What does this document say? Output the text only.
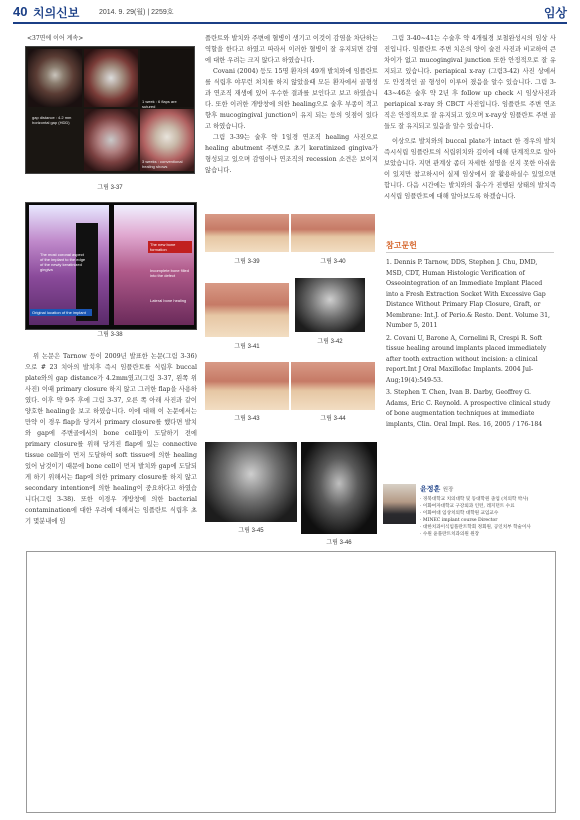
40 치의신보	2014. 9. 29(월) | 2259호	임상
<37면에 이어 계속>
gap distance : 4.2 mm horizontal gap (HDD)
1 week : 6 flaps are sutured
3 weeks : conventional healing shows
그림 3-37
The most coronal aspect of the implant to the edge of the newly keratinized gingiva
The new bone formation
Incomplete bone filled into the defect
Original location of the implant
Lateral bone healing
그림 3-38
위 논문은 Tarnow 등이 2009년 발표한 논문(그림 3-36)으로 # 23 치아의 발치후 즉시 임플란트를 식립후 buccal plate와의 gap distance가 4.2mm였고(그림 3-37, 왼쪽 위 사진) 이때 primary closure 하지 않고 그러한 flap을 사용하였다. 이후 약 9주 후에 그림 3-37, 오른 쪽 아래 사진과 같이 양호한 healing을 보고 하였습니다. 이에 대해 이 논문에서는 만약 이 경우 flap을 당겨서 primary closure를 했다면 발치와 gap에 주변골에서의 bone cell들이 도달하기 전에 primary closure를 위해 당겨진 flap에 있는 connective tissue cell들이 먼저 도달하여 soft tissue에 의한 healing 있어 남것이기 때문에 bone cell이 먼저 발치와 gap에 도달되게 하기 위해서는 flap에 의한 primary closure를 하지 않고 secondary intention에 의한 healing이 중요하다고 하였습니다(그림 3-38). 또한 이경우 개방창에 의한 bacterial contamination에 대한 우려에 대해서는 임플란트 식립후 초기 몇분내에 임
플란트와 발치와 주변에 혈병이 생기고 이것이 감염을 차단하는 역할을 한다고 하였고 따라서 이러한 혈병이 잘 유지되면 감염에 대한 우려는 크지 않다고 하였습니다.
Covani (2004) 등도 15명 환자의 49개 발치와에 임플란트를 식립후 야무런 처치를 하지 않았을때 모든 환자에서 골형성과 연조직 재생에 있어 우수한 결과를 보인다고 보고 하였습니다. 또한 이러한 개방창에 의한 healing으로 술후 부종이 적고 향후 mucogingival junction이 유지 되는 등의 잇점이 있다고 하였습니다.
그림 3-39는 술후 약 1일경 연조직 healing 사진으로 healing abutment 주변으로 초기 keratinized gingiva가 형성되고 있으며 감염이나 연조직의 recession 소견은 보이지 않습니다.
그림 3-39	그림 3-40
그림 3-41
그림 3-42
그림 3-43	그림 3-44
그림 3-45
그림 3-46
그림 3-40~41는 수술후 약 4개월경 보철완성시의 임상 사진입니다. 임플란트 주변 치은의 양이 술전 사진과 비교하여 큰 차이가 없고 mucogingival junction 또한 안정적으로 잘 유지되고 있습니다. periapical x-ray (그림3-42) 사진 상에서도 안정적인 골 형성이 이루어 졌음을 알수 있습니다. 그림 3-43~46은 술후 약 2년 후 follow up check 시 임상사진과 periapical x-ray 와 CBCT 사진입니다. 임플란트 주변 연조직은 안정적으로 잘 유지되고 있으며 x-ray상 임플란트 주변 골들도 잘 유지되고 있음을 알수 있습니다.
이상으로 발치와의 buccal plate가 intact 한 경우의 발치즉시식립 임플란트의 식립위치와 깊이에 대해 단계적으로 알아 보았습니다. 지면 관계상 좀더 자세한 설명을 싣지 못한 아쉬움이 있지만 참고하시어 실제 임상에서 잘 활용하실수 있었으면 합니다. 다음 시간에는 발치와의 흡수가 진행된 상태의 발치즉시식립 임플란트에 대해 알아보도록 하겠습니다.
참고문헌
1. Dennis P. Tarnow, DDS, Stephen J. Chu, DMD, MSD, CDT, Human Histologic Verification of Osseointegration of an Immediate Implant Placed into a Fresh Extraction Socket With Excessive Gap Distance Without Primary Flap Closure, Graft, or Membrane: Int.J. of Perio.& Resto. Dent. Volume 31, Number 5, 2011
2. Covani U, Barone A, Cornelini R, Crespi R. Soft tissue healing around implants placed immediately after tooth extraction without incision: a clinical report.Int J Oral Maxillofac Implants. 2004 Jul-Aug;19(4):549-53.
3. Stephen T. Chen, Ivan B. Darby, Geoffrey G. Adams, Eric C. Reynold. A prospective clinical study of bone augmentation techniques at immediate implants, Clin. Oral Impl. Res. 16, 2005 / 176-184
윤정훈 원장
· 경북대학교 치의대학 및 동대학원 졸업 (치의학 박사)
· 이화여자대학교 구강외과 인턴, 레지던트 수료
· 이화여대 임상치의학 대학원 교임교수
· MINEC implant course Director
· 대한치과이식임플란트학회 정회원, 공인치부 학술이사
· 수원 윤플란트치과의원 원장
